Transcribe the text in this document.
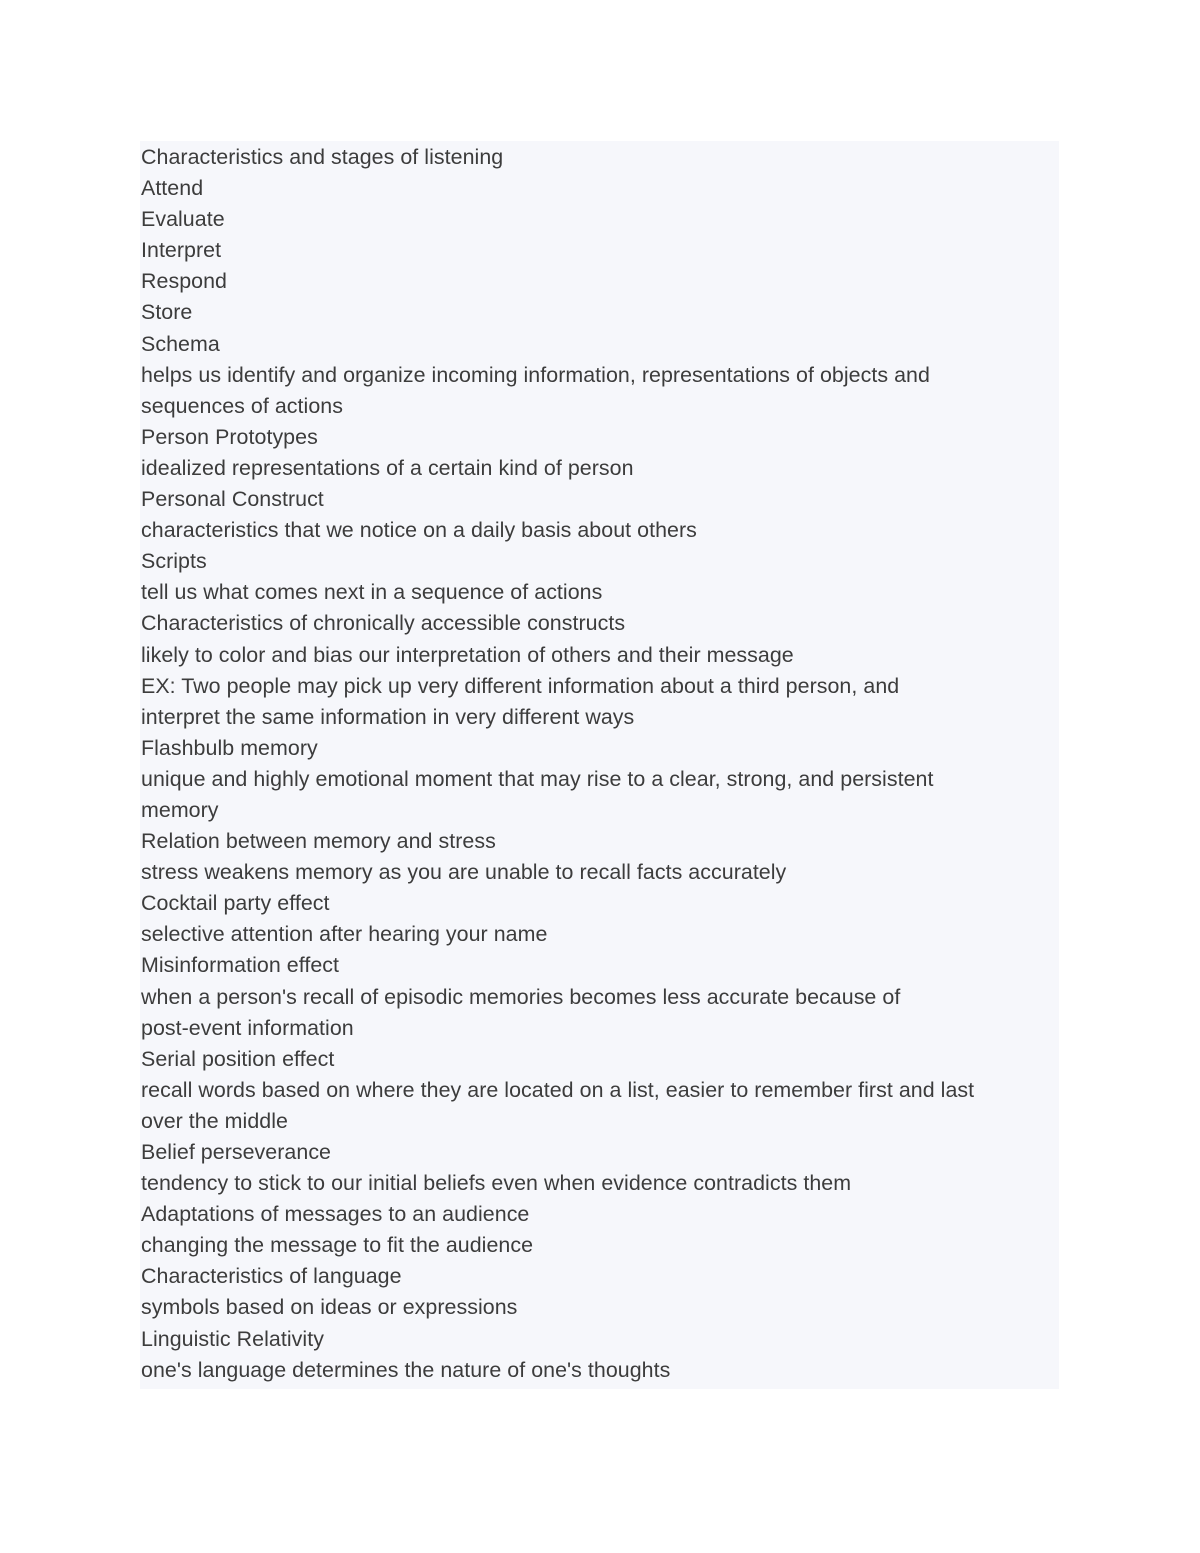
Characteristics and stages of listening
Attend
Evaluate
Interpret
Respond
Store
Schema
helps us identify and organize incoming information, representations of objects and
sequences of actions
Person Prototypes
idealized representations of a certain kind of person
Personal Construct
characteristics that we notice on a daily basis about others
Scripts
tell us what comes next in a sequence of actions
Characteristics of chronically accessible constructs
likely to color and bias our interpretation of others and their message
EX: Two people may pick up very different information about a third person, and
interpret the same information in very different ways
Flashbulb memory
unique and highly emotional moment that may rise to a clear, strong, and persistent
memory
Relation between memory and stress
stress weakens memory as you are unable to recall facts accurately
Cocktail party effect
selective attention after hearing your name
Misinformation effect
when a person's recall of episodic memories becomes less accurate because of
post-event information
Serial position effect
recall words based on where they are located on a list, easier to remember first and last
over the middle
Belief perseverance
tendency to stick to our initial beliefs even when evidence contradicts them
Adaptations of messages to an audience
changing the message to fit the audience
Characteristics of language
symbols based on ideas or expressions
Linguistic Relativity
one's language determines the nature of one's thoughts
